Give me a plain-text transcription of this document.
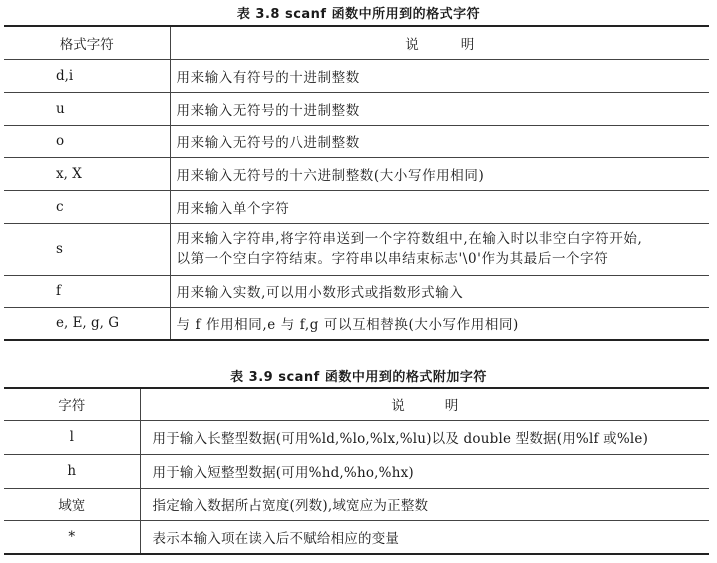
表 3.8 scanf 函数中所用到的格式字符
格式字符	说明
d,i	用来输入有符号的十进制整数
u	用来输入无符号的十进制整数
o	用来输入无符号的八进制整数
x, X	用来输入无符号的十六进制整数(大小写作用相同)
c	用来输入单个字符
s	用来输入字符串,将字符串送到一个字符数组中,在输入时以非空白字符开始,
以第一个空白字符结束。字符串以串结束标志'\0'作为其最后一个字符

f	用来输入实数,可以用小数形式或指数形式输入
e, E, g, G	与 f 作用相同,e 与 f,g 可以互相替换(大小写作用相同)
表 3.9 scanf 函数中用到的格式附加字符
字符	说明
l	用于输入长整型数据(可用%ld,%lo,%lx,%lu)以及 double 型数据(用%lf 或%le)
h	用于输入短整型数据(可用%hd,%ho,%hx)
域宽	指定输入数据所占宽度(列数),域宽应为正整数
*	表示本输入项在读入后不赋给相应的变量
